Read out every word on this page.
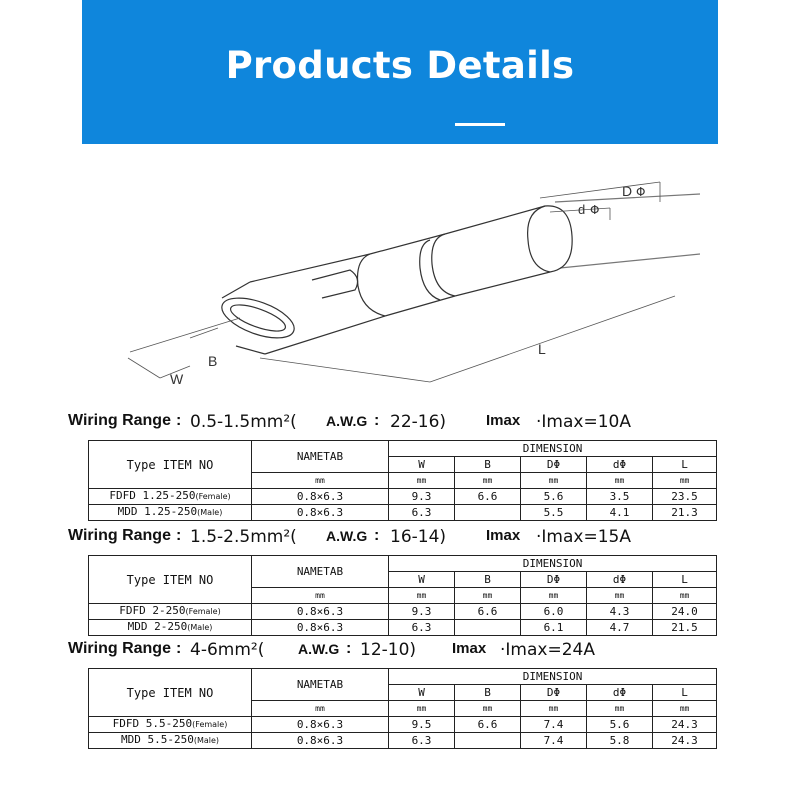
Products Details
D Φ
d Φ
B
W
L
Wiring Range : 0.5-1.5mm²( A.W.G : 22-16)	Imax ·Imax=10A
Type ITEM NO	NAMETAB	DIMENSION				
		W	B	DΦ	dΦ	L
	mm	mm	mm	mm	mm	mm
FDFD 1.25-250(Female)	0.8×6.3	9.3	6.6	5.6	3.5	23.5
MDD 1.25-250(Male)	0.8×6.3	6.3		5.5	4.1	21.3
Wiring Range : 1.5-2.5mm²( A.W.G : 16-14)	Imax ·Imax=15A
Type ITEM NO	NAMETAB	DIMENSION				
		W	B	DΦ	dΦ	L
	mm	mm	mm	mm	mm	mm
FDFD 2-250(Female)	0.8×6.3	9.3	6.6	6.0	4.3	24.0
MDD 2-250(Male)	0.8×6.3	6.3		6.1	4.7	21.5
Wiring Range : 4-6mm²( A.W.G : 12-10) Imax ·Imax=24A
Type ITEM NO	NAMETAB	DIMENSION				
		W	B	DΦ	dΦ	L
	mm	mm	mm	mm	mm	mm
FDFD 5.5-250(Female)	0.8×6.3	9.5	6.6	7.4	5.6	24.3
MDD 5.5-250(Male)	0.8×6.3	6.3		7.4	5.8	24.3
